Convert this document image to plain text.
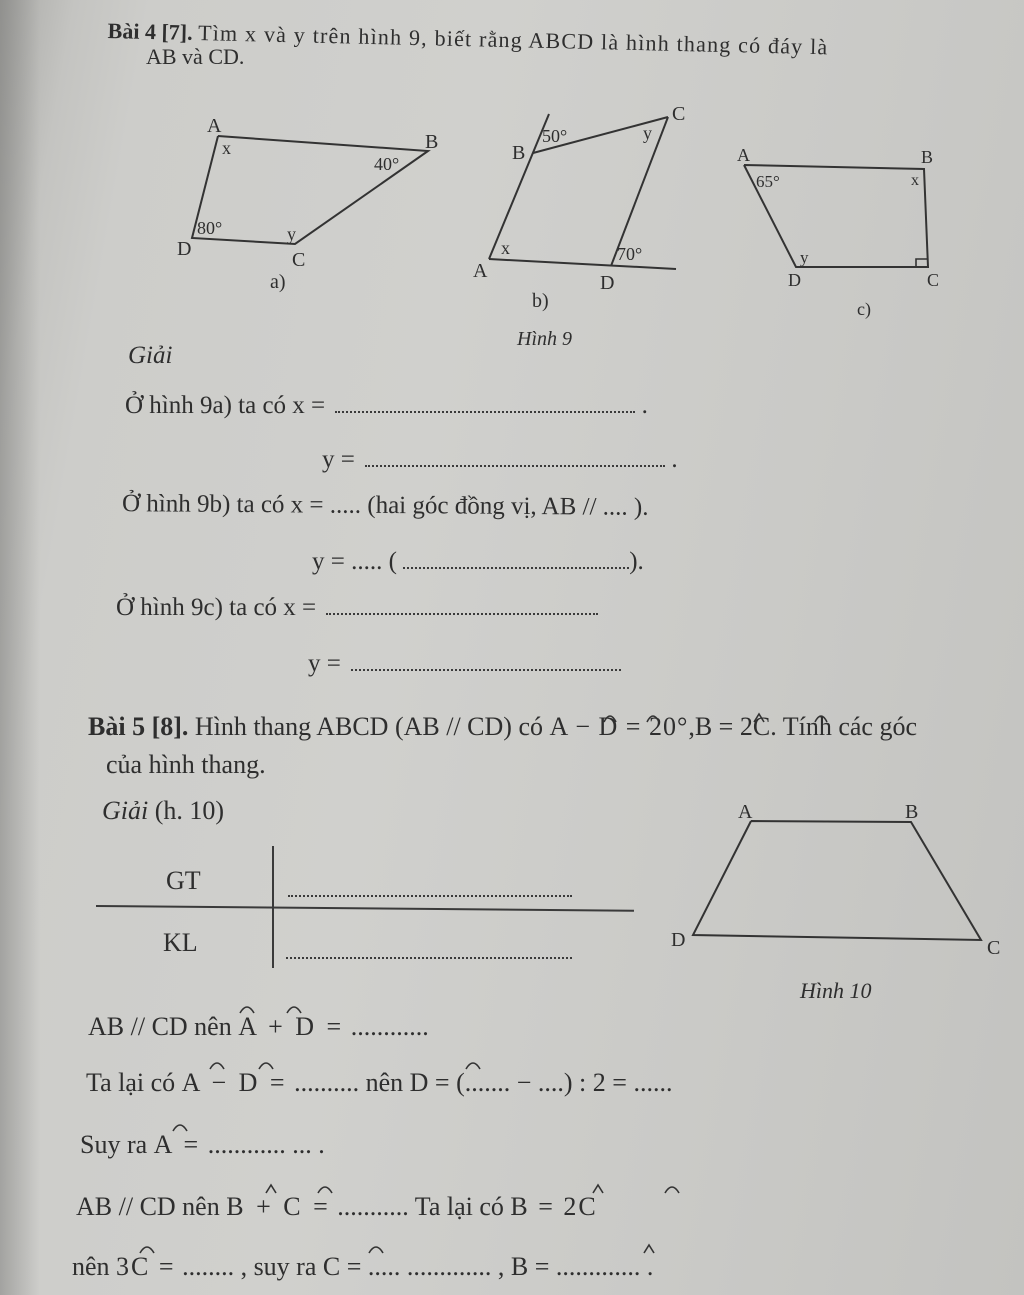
Bài 4 [7]. Tìm x và y trên hình 9, biết rằng ABCD là hình thang có đáy là
AB và CD.
A
B
C
D
x
40°
y
80°
a)
B
C
A
D
x
50°	y
70°
b)
Hình 9
A	B
C
D
65°	x
y
c)
Giải
Ở hình 9a) ta có x =	.
y =	.
Ở hình 9b) ta có x = ..... (hai góc đồng vị, AB // .... ).
y = ..... (	).
Ở hình 9c) ta có x =
y =
Bài 5 [8]. Hình thang ABCD (AB // CD) có A − D = 20°,B = 2C. Tính các góc
của hình thang.
Giải (h. 10)
GT
KL
A	B
C
D
Hình 10
AB // CD nên A + D = ............
Ta lại có A − D = .......... nên D = (....... − ....) : 2 = ......
Suy ra A = ............ ... .
AB // CD nên B + C = ........... Ta lại có B = 2C
nên 3C = ........ , suy ra C = ..... ............. , B = ............. .
